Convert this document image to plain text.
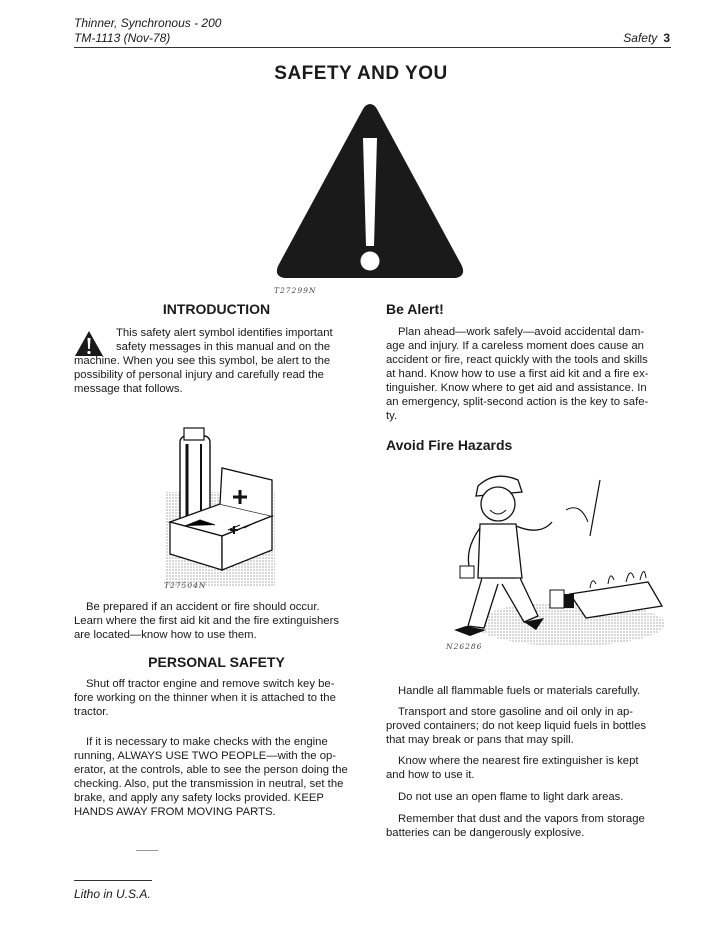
Thinner, Synchronous - 200
TM-1113 (Nov-78)	Safety 3
SAFETY AND YOU
T27299N
INTRODUCTION
This safety alert symbol identifies important
safety messages in this manual and on the
machine. When you see this symbol, be alert to the
possibility of personal injury and carefully read the
message that follows.
T27504N
Be prepared if an accident or fire should occur.
Learn where the first aid kit and the fire extinguishers
are located—know how to use them.
PERSONAL SAFETY
Shut off tractor engine and remove switch key be-
fore working on the thinner when it is attached to the
tractor.
If it is necessary to make checks with the engine
running, ALWAYS USE TWO PEOPLE—with the op-
erator, at the controls, able to see the person doing the
checking. Also, put the transmission in neutral, set the
brake, and apply any safety locks provided. KEEP
HANDS AWAY FROM MOVING PARTS.
Be Alert!
Plan ahead—work safely—avoid accidental dam-
age and injury. If a careless moment does cause an
accident or fire, react quickly with the tools and skills
at hand. Know how to use a first aid kit and a fire ex-
tinguisher. Know where to get aid and assistance. In
an emergency, split-second action is the key to safe-
ty.
Avoid Fire Hazards
N26286
Handle all flammable fuels or materials carefully.
Transport and store gasoline and oil only in ap-
proved containers; do not keep liquid fuels in bottles
that may break or pans that may spill.
Know where the nearest fire extinguisher is kept
and how to use it.
Do not use an open flame to light dark areas.
Remember that dust and the vapors from storage
batteries can be dangerously explosive.
Litho in U.S.A.
